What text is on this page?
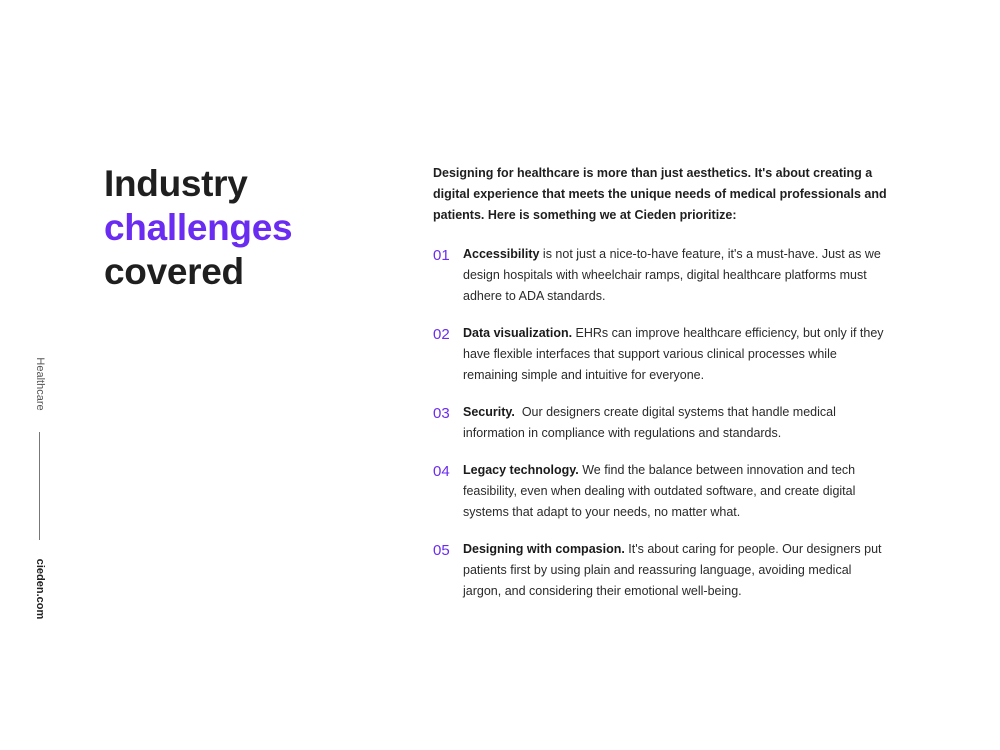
Healthcare
cieden.com
Industry
challenges
covered

Designing for healthcare is more than just aesthetics. It's about creating a digital experience that meets the unique needs of medical professionals and patients. Here is something we at Cieden prioritize:

01	Accessibility is not just a nice-to-have feature, it's a must-have. Just as we design hospitals with wheelchair ramps, digital healthcare platforms must adhere to ADA standards.
02	Data visualization. EHRs can improve healthcare efficiency, but only if they have flexible interfaces that support various clinical processes while remaining simple and intuitive for everyone.
03	Security.  Our designers create digital systems that handle medical information in compliance with regulations and standards.
04	Legacy technology. We find the balance between innovation and tech feasibility, even when dealing with outdated software, and create digital systems that adapt to your needs, no matter what.
05	Designing with compasion. It's about caring for people. Our designers put patients first by using plain and reassuring language, avoiding medical jargon, and considering their emotional well-being.
